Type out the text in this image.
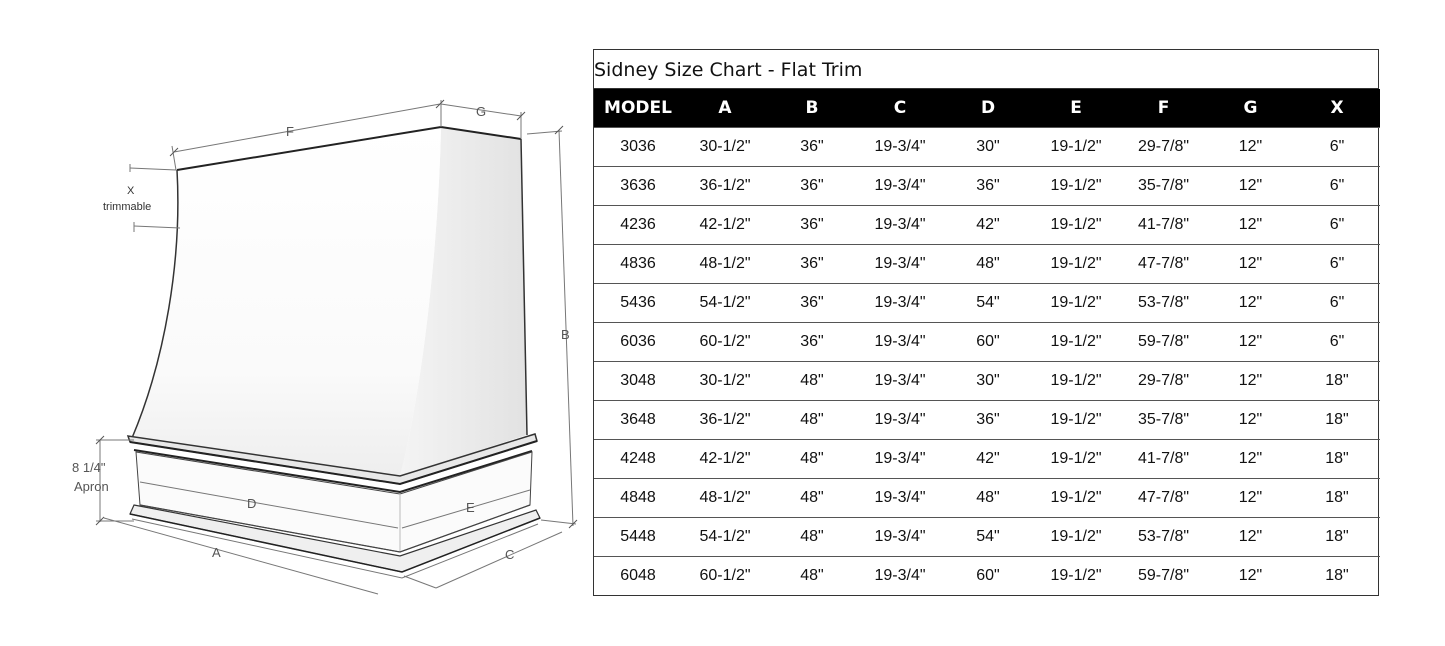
F
G
B
X
trimmable
8 1/4"
Apron
D	E
A	C
Sidney Size Chart - Flat Trim
MODEL	A	B	C	D	E	F	G	X
3036	30-1/2"	36"	19-3/4"	30"	19-1/2"	29-7/8"	12"	6"
3636	36-1/2"	36"	19-3/4"	36"	19-1/2"	35-7/8"	12"	6"
4236	42-1/2"	36"	19-3/4"	42"	19-1/2"	41-7/8"	12"	6"
4836	48-1/2"	36"	19-3/4"	48"	19-1/2"	47-7/8"	12"	6"
5436	54-1/2"	36"	19-3/4"	54"	19-1/2"	53-7/8"	12"	6"
6036	60-1/2"	36"	19-3/4"	60"	19-1/2"	59-7/8"	12"	6"
3048	30-1/2"	48"	19-3/4"	30"	19-1/2"	29-7/8"	12"	18"
3648	36-1/2"	48"	19-3/4"	36"	19-1/2"	35-7/8"	12"	18"
4248	42-1/2"	48"	19-3/4"	42"	19-1/2"	41-7/8"	12"	18"
4848	48-1/2"	48"	19-3/4"	48"	19-1/2"	47-7/8"	12"	18"
5448	54-1/2"	48"	19-3/4"	54"	19-1/2"	53-7/8"	12"	18"
6048	60-1/2"	48"	19-3/4"	60"	19-1/2"	59-7/8"	12"	18"
